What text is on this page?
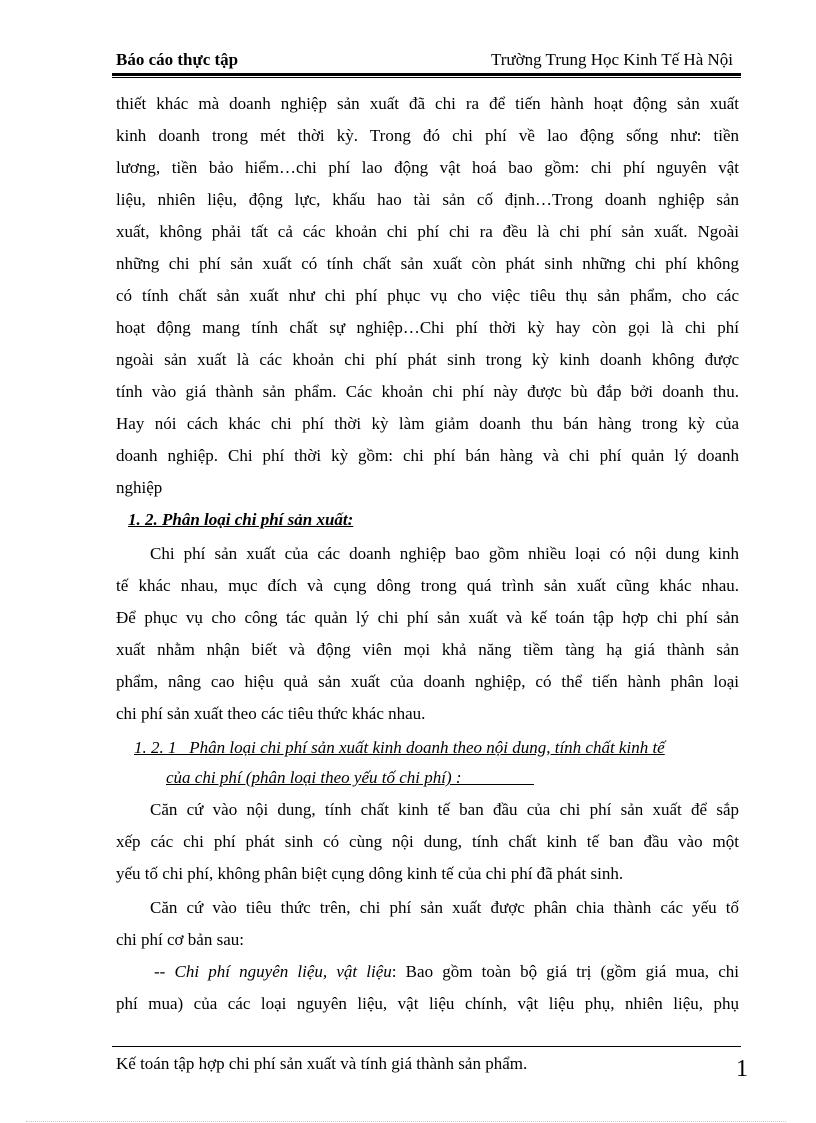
Báo cáo thực tập	Trường Trung Học Kinh Tế Hà Nội
thiết khác mà doanh nghiệp sản xuất đã chi ra để tiến hành hoạt động sản xuất
kinh doanh trong mét thời kỳ. Trong đó chi phí về lao động sống như: tiền
lương, tiền bảo hiểm…chi phí lao động vật hoá bao gồm: chi phí nguyên vật
liệu, nhiên liệu, động lực, khấu hao tài sản cố định…Trong doanh nghiệp sản
xuất, không phải tất cả các khoản chi phí chi ra đều là chi phí sản xuất. Ngoài
những chi phí sản xuất có tính chất sản xuất còn phát sinh những chi phí không
có tính chất sản xuất như chi phí phục vụ cho việc tiêu thụ sản phẩm, cho các
hoạt động mang tính chất sự nghiệp…Chi phí thời kỳ hay còn gọi là chi phí
ngoài sản xuất là các khoản chi phí phát sinh trong kỳ kinh doanh không được
tính vào giá thành sản phẩm. Các khoản chi phí này được bù đắp bởi doanh thu.
Hay nói cách khác chi phí thời kỳ làm giảm doanh thu bán hàng trong kỳ của
doanh nghiệp. Chi phí thời kỳ gồm: chi phí bán hàng và chi phí quản lý doanh
nghiệp
1. 2. Phân loại chi phí sản xuất:
Chi phí sản xuất của các doanh nghiệp bao gồm nhiều loại có nội dung kinh
tế khác nhau, mục đích và cụng dông trong quá trình sản xuất cũng khác nhau.
Để phục vụ cho công tác quản lý chi phí sản xuất và kế toán tập hợp chi phí sản
xuất nhằm nhận biết và động viên mọi khả năng tiềm tàng hạ giá thành sản
phẩm, nâng cao hiệu quả sản xuất của doanh nghiệp, có thể tiến hành phân loại
chi phí sản xuất theo các tiêu thức khác nhau.
1. 2. 1 _Phân loại chi phí sản xuất kinh doanh theo nội dung, tính chất kinh tế
của chi phí (phân loại theo yếu tố chi phí) : ________
Căn cứ vào nội dung, tính chất kinh tế ban đầu của chi phí sản xuất để sắp
xếp các chi phí phát sinh có cùng nội dung, tính chất kinh tế ban đầu vào một
yếu tố chi phí, không phân biệt cụng dông kinh tế của chi phí đã phát sinh.
Căn cứ vào tiêu thức trên, chi phí sản xuất được phân chia thành các yếu tố
chi phí cơ bản sau:
-- Chi phí nguyên liệu, vật liệu: Bao gồm toàn bộ giá trị (gồm giá mua, chi
phí mua) của các loại nguyên liệu, vật liệu chính, vật liệu phụ, nhiên liệu, phụ
Kế toán tập hợp chi phí sản xuất và tính giá thành sản phẩm.	1
